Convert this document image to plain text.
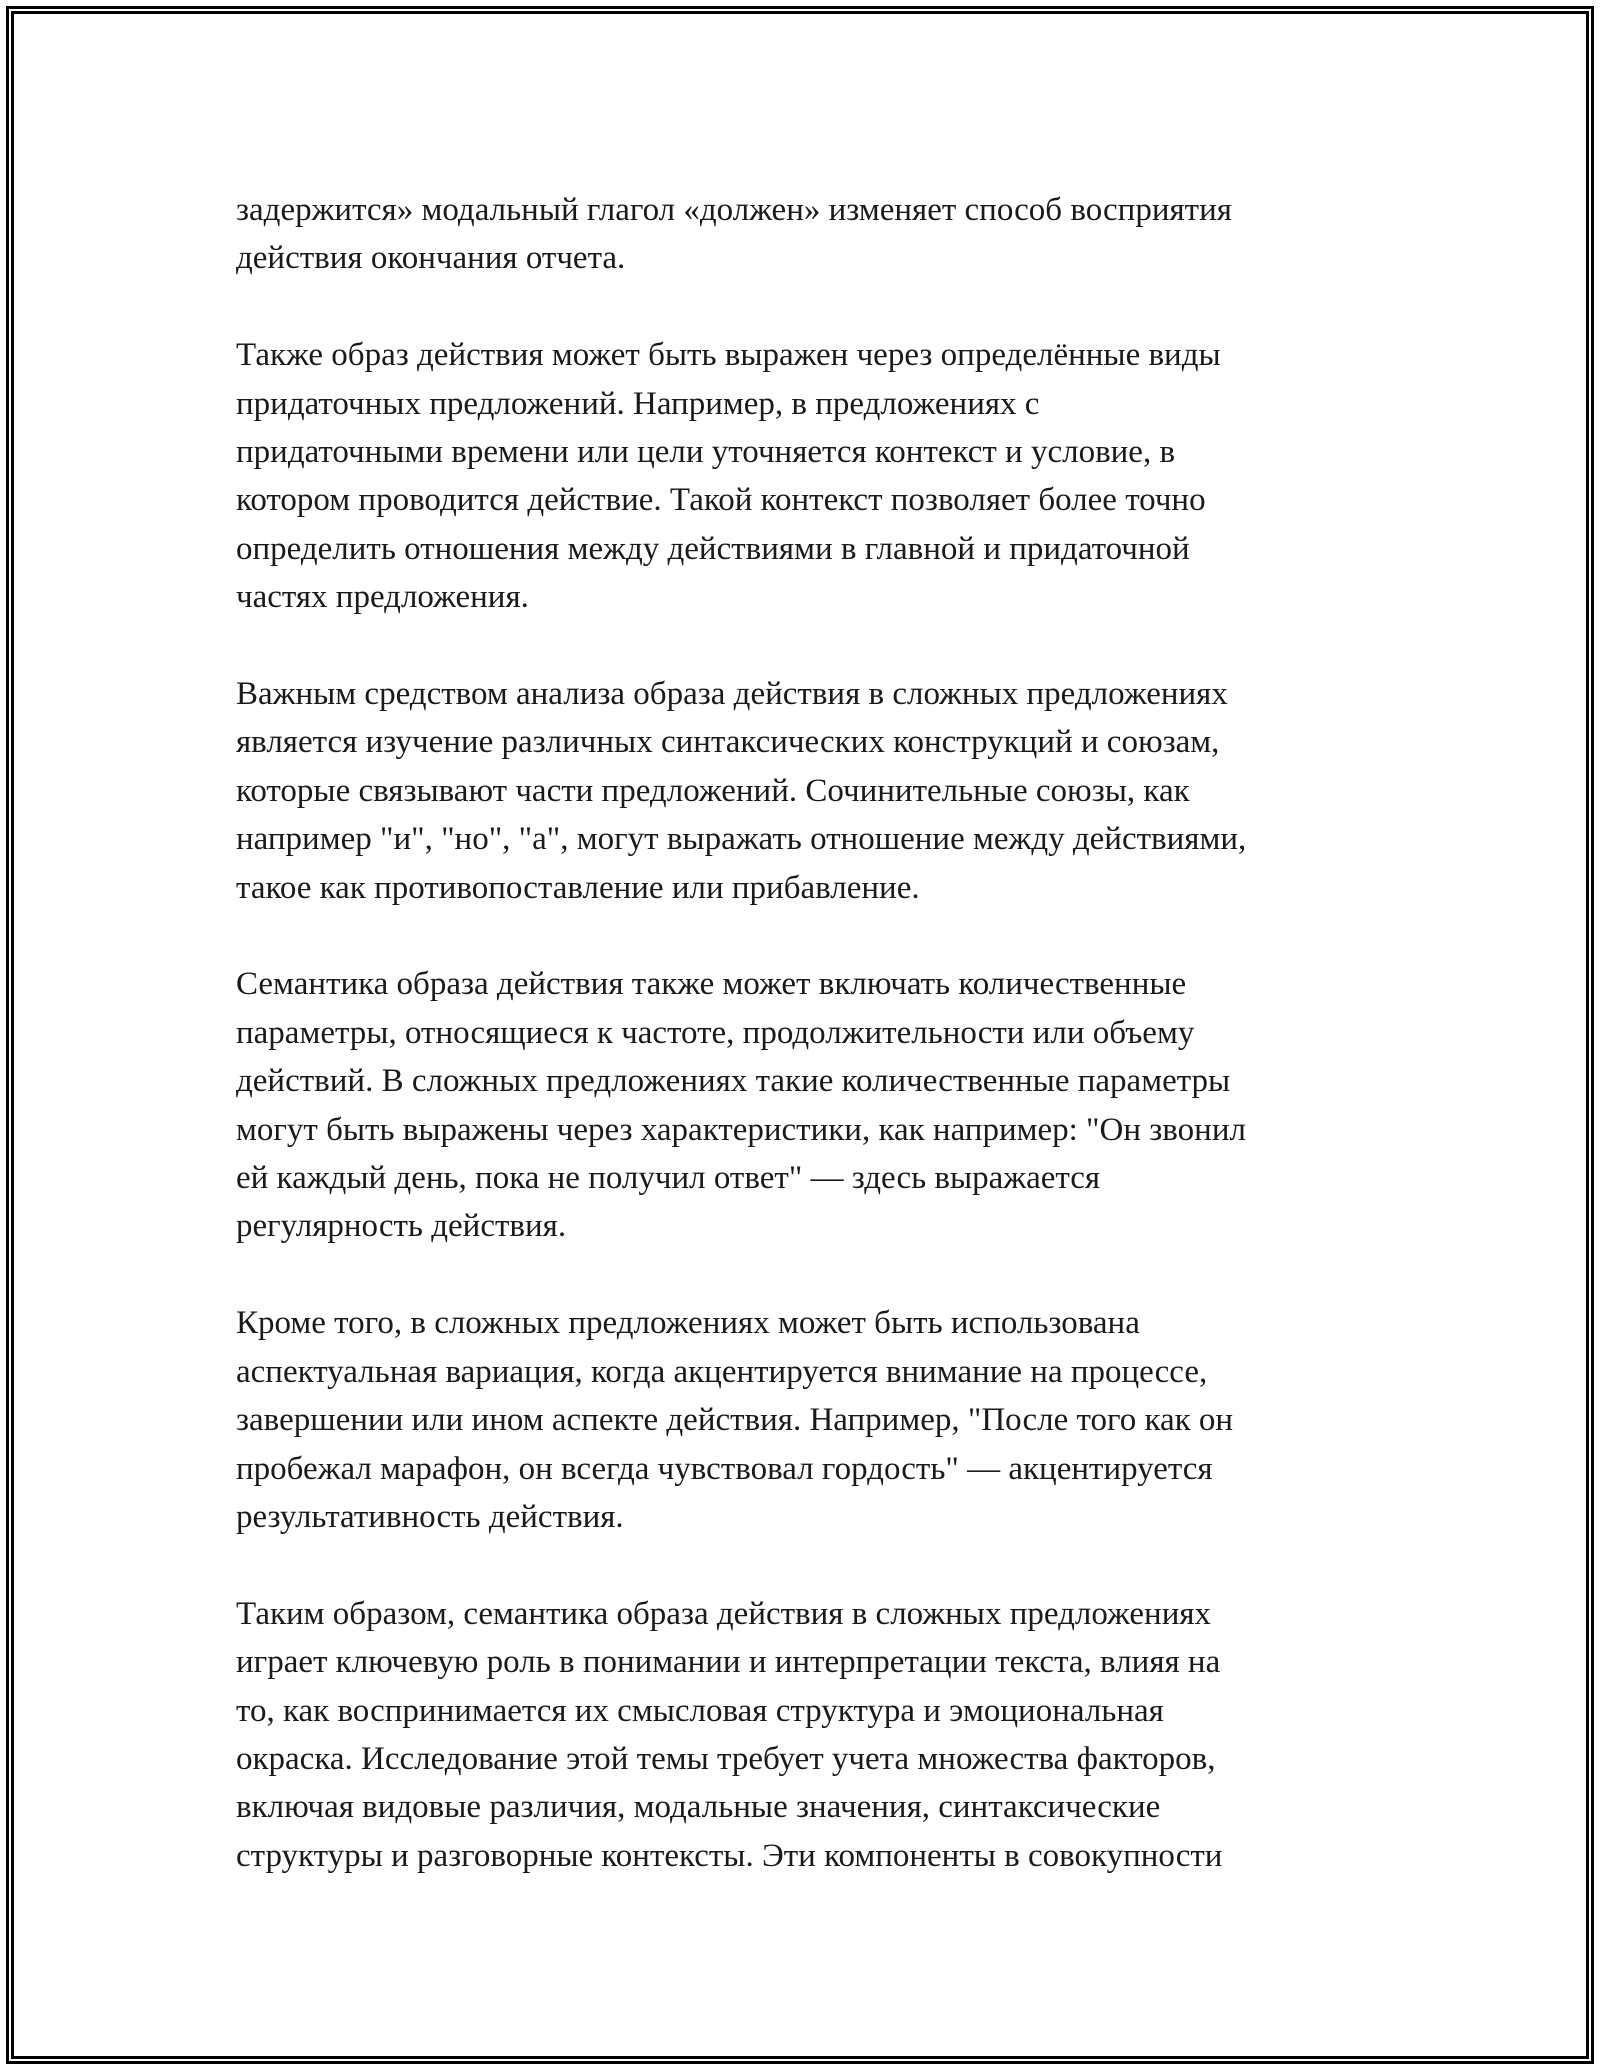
задержится» модальный глагол «должен» изменяет способ восприятия
действия окончания отчета.

Также образ действия может быть выражен через определённые виды
придаточных предложений. Например, в предложениях с
придаточными времени или цели уточняется контекст и условие, в
котором проводится действие. Такой контекст позволяет более точно
определить отношения между действиями в главной и придаточной
частях предложения.

Важным средством анализа образа действия в сложных предложениях
является изучение различных синтаксических конструкций и союзам,
которые связывают части предложений. Сочинительные союзы, как
например "и", "но", "а", могут выражать отношение между действиями,
такое как противопоставление или прибавление.

Семантика образа действия также может включать количественные
параметры, относящиеся к частоте, продолжительности или объему
действий. В сложных предложениях такие количественные параметры
могут быть выражены через характеристики, как например: "Он звонил
ей каждый день, пока не получил ответ" — здесь выражается
регулярность действия.

Кроме того, в сложных предложениях может быть использована
аспектуальная вариация, когда акцентируется внимание на процессе,
завершении или ином аспекте действия. Например, "После того как он
пробежал марафон, он всегда чувствовал гордость" — акцентируется
результативность действия.

Таким образом, семантика образа действия в сложных предложениях
играет ключевую роль в понимании и интерпретации текста, влияя на
то, как воспринимается их смысловая структура и эмоциональная
окраска. Исследование этой темы требует учета множества факторов,
включая видовые различия, модальные значения, синтаксические
структуры и разговорные контексты. Эти компоненты в совокупности
